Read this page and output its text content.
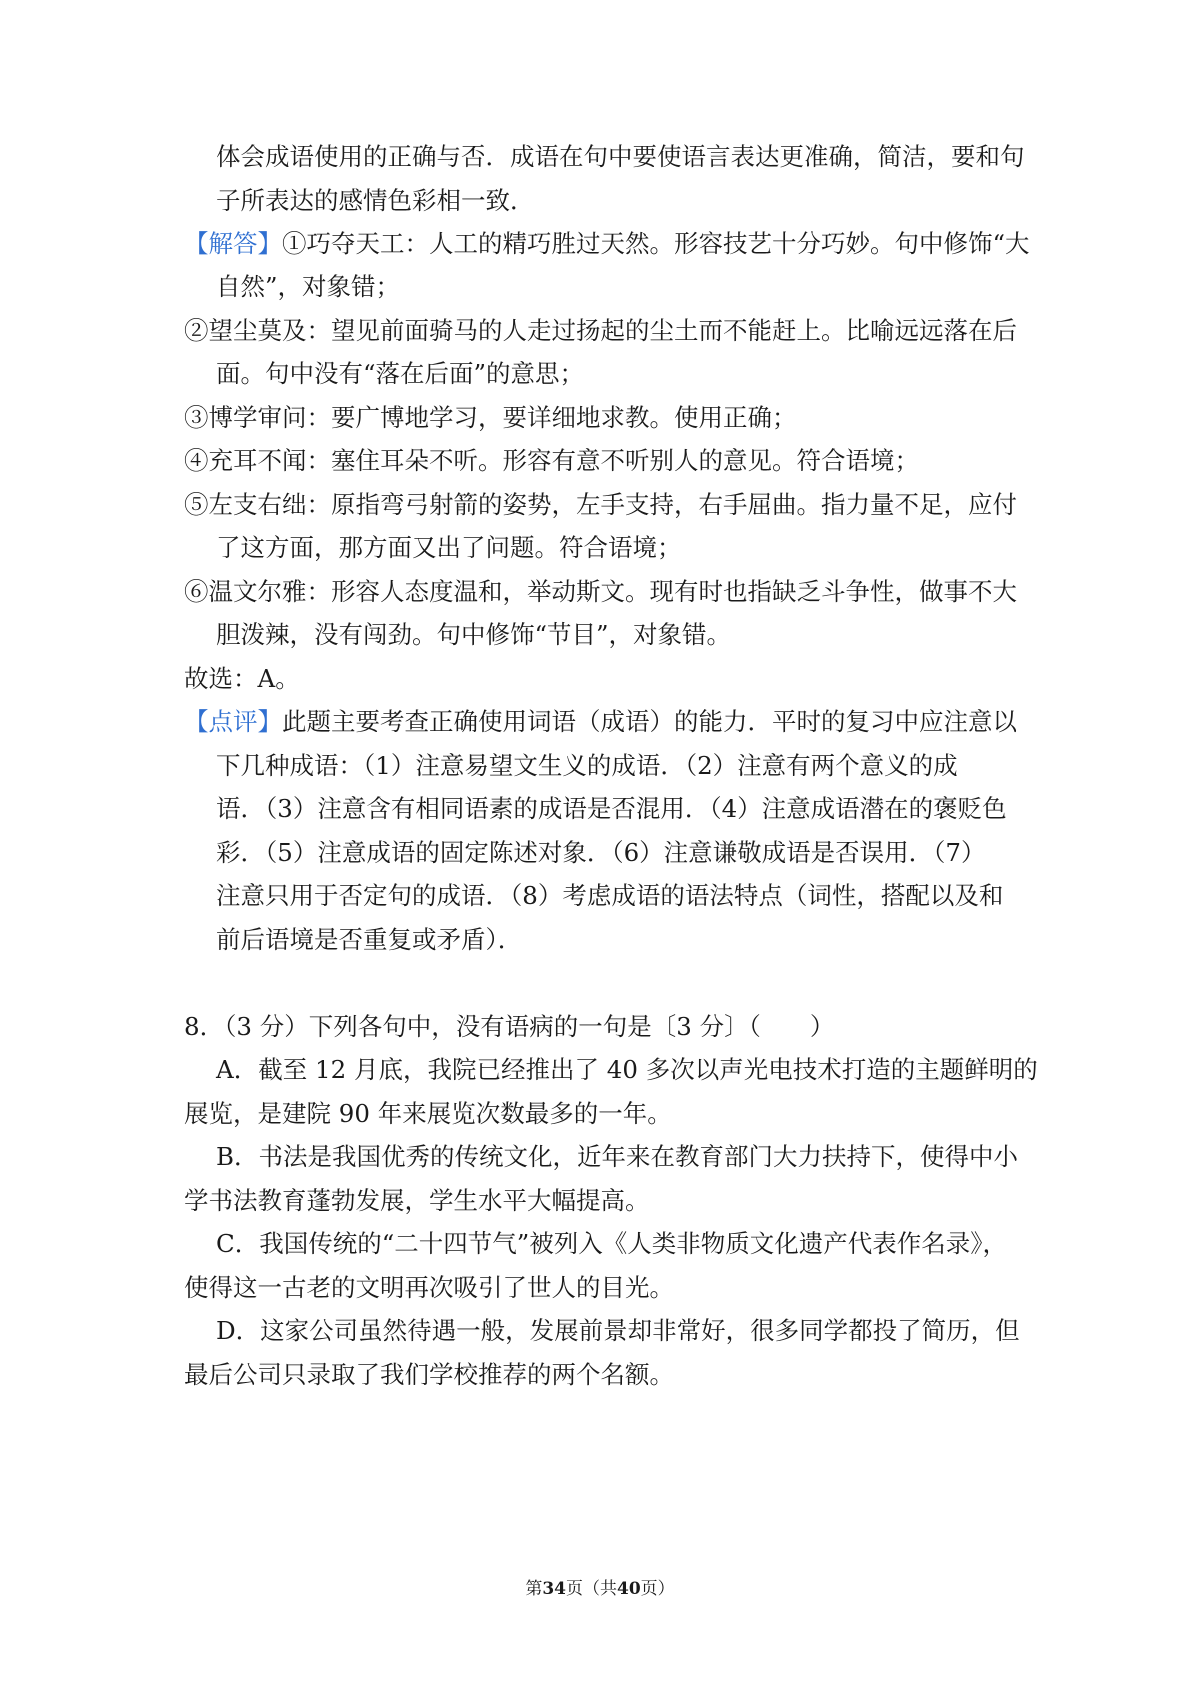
体会成语使用的正确与否．成语在句中要使语言表达更准确，简洁，要和句
子所表达的感情色彩相一致．
【解答】①巧夺天工：人工的精巧胜过天然。形容技艺十分巧妙。句中修饰“大
自然”，对象错；
②望尘莫及：望见前面骑马的人走过扬起的尘土而不能赶上。比喻远远落在后
面。句中没有“落在后面”的意思；
③博学审问：要广博地学习，要详细地求教。使用正确；
④充耳不闻：塞住耳朵不听。形容有意不听别人的意见。符合语境；
⑤左支右绌：原指弯弓射箭的姿势，左手支持，右手屈曲。指力量不足，应付
了这方面，那方面又出了问题。符合语境；
⑥温文尔雅：形容人态度温和，举动斯文。现有时也指缺乏斗争性，做事不大
胆泼辣，没有闯劲。句中修饰“节目”，对象错。
故选：A。
【点评】此题主要考查正确使用词语（成语）的能力．平时的复习中应注意以
下几种成语：（1）注意易望文生义的成语．（2）注意有两个意义的成
语．（3）注意含有相同语素的成语是否混用．（4）注意成语潜在的褒贬色
彩．（5）注意成语的固定陈述对象．（6）注意谦敬成语是否误用．（7）
注意只用于否定句的成语．（8）考虑成语的语法特点（词性，搭配以及和
前后语境是否重复或矛盾）．
8．（3 分）下列各句中，没有语病的一句是〔3 分〕（　　）
A．截至 12 月底，我院已经推出了 40 多次以声光电技术打造的主题鲜明的
展览，是建院 90 年来展览次数最多的一年。
B．书法是我国优秀的传统文化，近年来在教育部门大力扶持下，使得中小
学书法教育蓬勃发展，学生水平大幅提高。
C．我国传统的“二十四节气”被列入《人类非物质文化遗产代表作名录》，
使得这一古老的文明再次吸引了世人的目光。
D．这家公司虽然待遇一般，发展前景却非常好，很多同学都投了简历，但
最后公司只录取了我们学校推荐的两个名额。
第34页（共40页）
